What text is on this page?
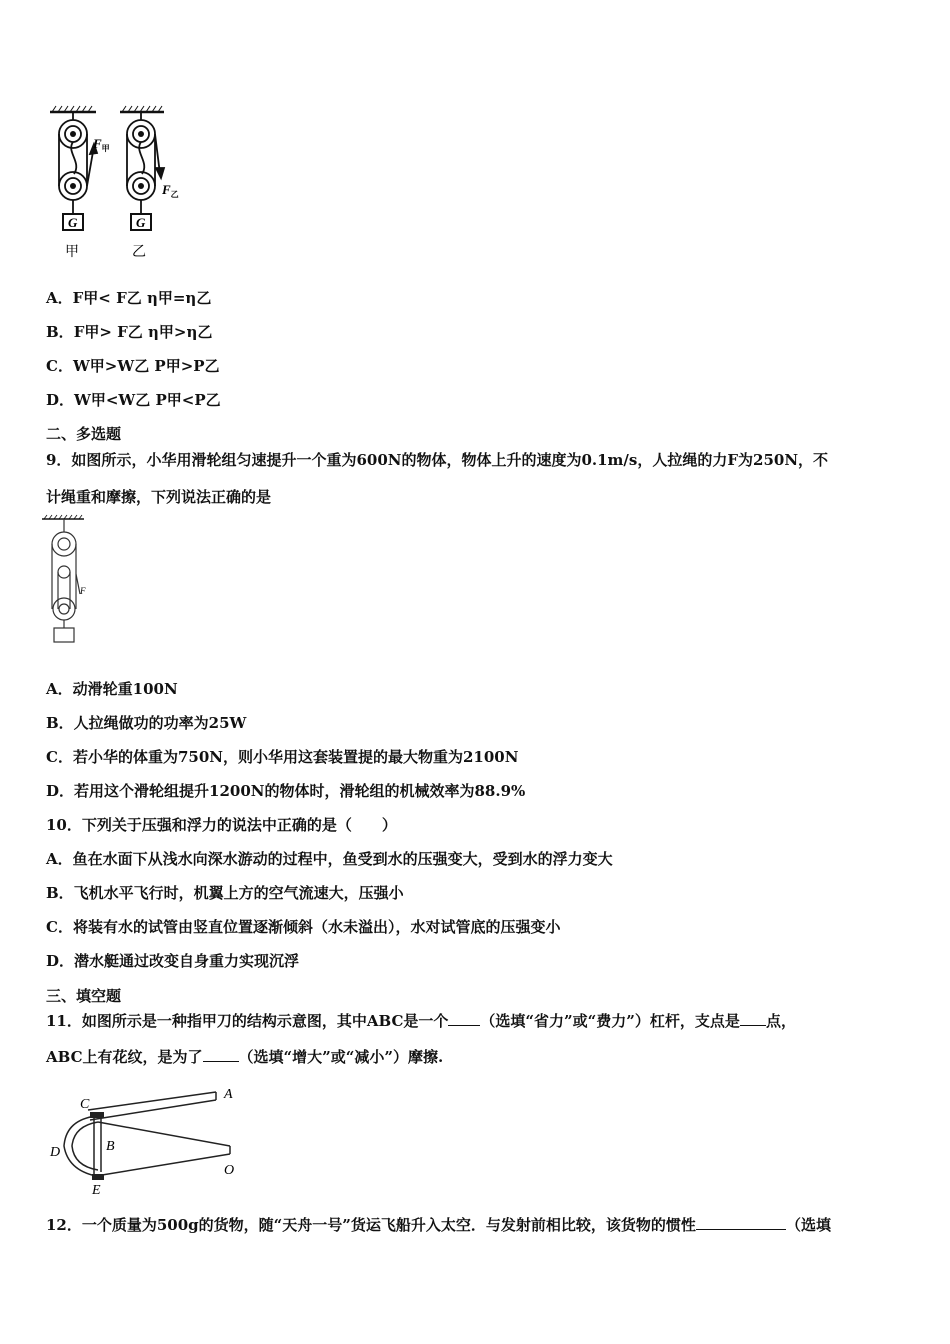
G	G
$F_甲$
$F_乙$
甲	乙
A．F甲< F乙 η甲=η乙
B．F甲> F乙 η甲>η乙
C．W甲>W乙 P甲>P乙
D．W甲<W乙 P甲<P乙
二、多选题
9．如图所示，小华用滑轮组匀速提升一个重为600N的物体，物体上升的速度为0.1m/s，人拉绳的力F为250N，不
计绳重和摩擦，下列说法正确的是
F
A．动滑轮重100N
B．人拉绳做功的功率为25W
C．若小华的体重为750N，则小华用这套装置提的最大物重为2100N
D．若用这个滑轮组提升1200N的物体时，滑轮组的机械效率为88.9%
10．下列关于压强和浮力的说法中正确的是（　　）
A．鱼在水面下从浅水向深水游动的过程中，鱼受到水的压强变大，受到水的浮力变大
B．飞机水平飞行时，机翼上方的空气流速大，压强小
C．将装有水的试管由竖直位置逐渐倾斜（水未溢出），水对试管底的压强变小
D．潜水艇通过改变自身重力实现沉浮
三、填空题
11．如图所示是一种指甲刀的结构示意图，其中ABC是一个 （选填“省力”或“费力”）杠杆，支点是 点，
ABC上有花纹，是为了 （选填“增大”或“减小”）摩擦.
A
B
C
D
E
O
12．一个质量为500g的货物，随“天舟一号”货运飞船升入太空．与发射前相比较，该货物的惯性	（选填
